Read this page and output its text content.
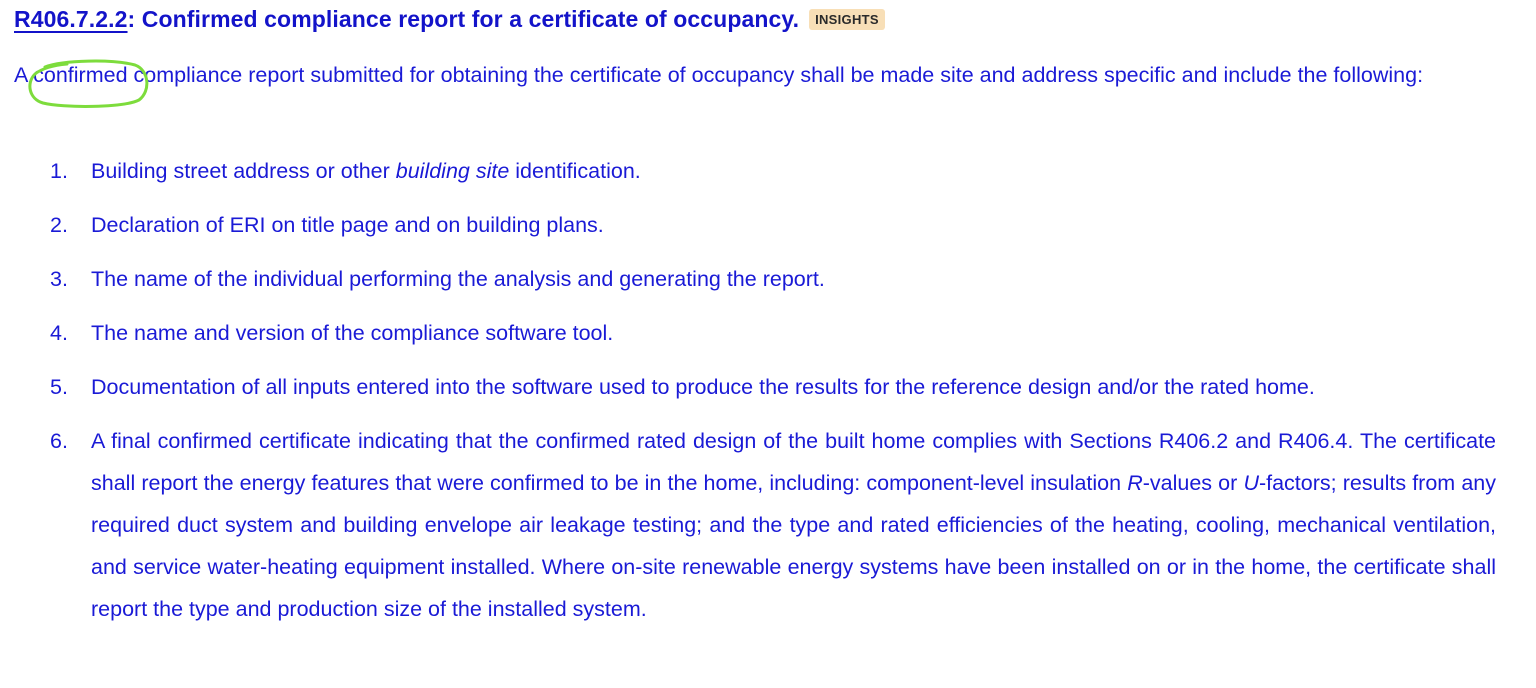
R406.7.2.2: Confirmed compliance report for a certificate of occupancy. INSIGHTS

A confirmed
compliance report submitted for obtaining the certificate of occupancy shall be made site and address specific and include the following:

1. Building street address or other building site identification.
2. Declaration of ERI on title page and on building plans.
3. The name of the individual performing the analysis and generating the report.
4. The name and version of the compliance software tool.
5. Documentation of all inputs entered into the software used to produce the results for the reference design and/or the rated home.
6. A final confirmed certificate indicating that the confirmed rated design of the built home complies with Sections R406.2 and R406.4. The certificate shall report the energy features that were confirmed to be in the home, including: component-level insulation R-values or U-factors; results from any required duct system and building envelope air leakage testing; and the type and rated efficiencies of the heating, cooling, mechanical ventilation, and service water-heating equipment installed. Where on-site renewable energy systems have been installed on or in the home, the certificate shall report the type and production size of the installed system.
